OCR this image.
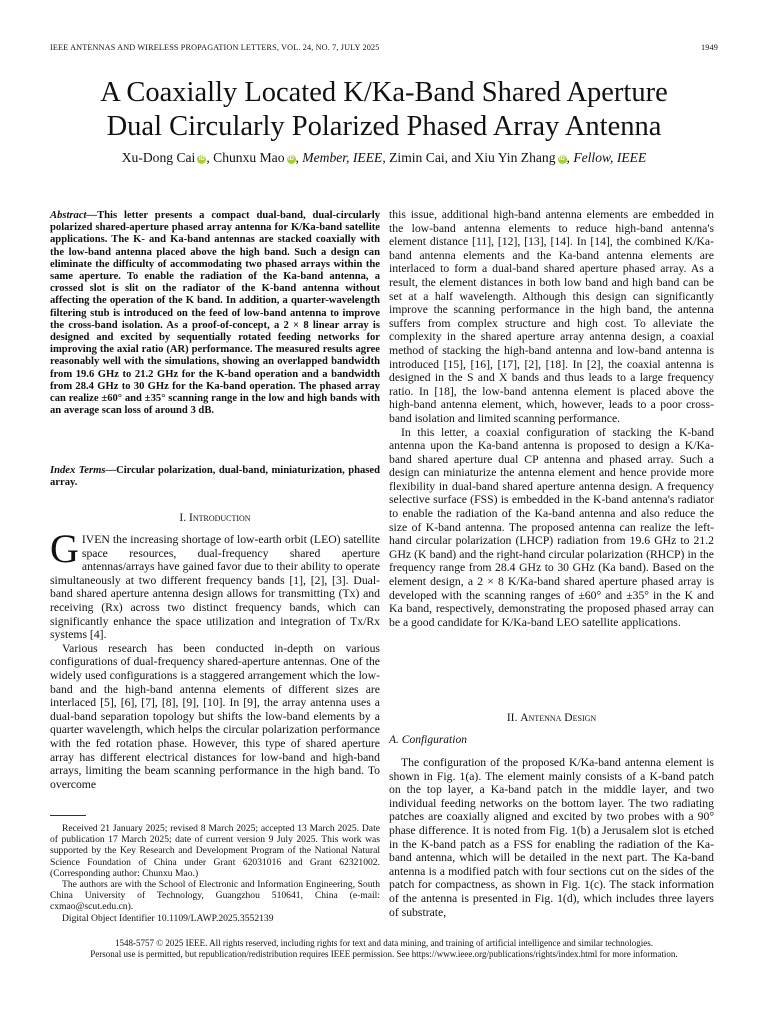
IEEE ANTENNAS AND WIRELESS PROPAGATION LETTERS, VOL. 24, NO. 7, JULY 2025	1949
A Coaxially Located K/Ka-Band Shared Aperture
Dual Circularly Polarized Phased Array Antenna
Xu-Dong Cai iD , Chunxu Mao iD , Member, IEEE, Zimin Cai, and Xiu Yin Zhang iD , Fellow, IEEE
Abstract—This letter presents a compact dual-band, dual-circularly polarized shared-aperture phased array antenna for K/Ka-band satellite applications. The K- and Ka-band antennas are stacked coaxially with the low-band antenna placed above the high band. Such a design can eliminate the difficulty of accommodating two phased arrays within the same aperture. To enable the radiation of the Ka-band antenna, a crossed slot is slit on the radiator of the K-band antenna without affecting the operation of the K band. In addition, a quarter-wavelength filtering stub is introduced on the feed of low-band antenna to improve the cross-band isolation. As a proof-of-concept, a 2 × 8 linear array is designed and excited by sequentially rotated feeding networks for improving the axial ratio (AR) performance. The measured results agree reasonably well with the simulations, showing an overlapped bandwidth from 19.6 GHz to 21.2 GHz for the K-band operation and a bandwidth from 28.4 GHz to 30 GHz for the Ka-band operation. The phased array can realize ±60° and ±35° scanning range in the low and high bands with an average scan loss of around 3 dB.
Index Terms—Circular polarization, dual-band, miniaturization, phased array.
I. Introduction

GIVEN the increasing shortage of low-earth orbit (LEO) satellite space resources, dual-frequency shared aperture antennas/arrays have gained favor due to their ability to operate simultaneously at two different frequency bands [1], [2], [3]. Dual-band shared aperture antenna design allows for transmitting (Tx) and receiving (Rx) across two distinct frequency bands, which can significantly enhance the space utilization and integration of Tx/Rx systems [4].

Various research has been conducted in-depth on various configurations of dual-frequency shared-aperture antennas. One of the widely used configurations is a staggered arrangement which the low-band and the high-band antenna elements of different sizes are interlaced [5], [6], [7], [8], [9], [10]. In [9], the array antenna uses a dual-band separation topology but shifts the low-band elements by a quarter wavelength, which helps the circular polarization performance with the fed rotation phase. However, this type of shared aperture array has different electrical distances for low-band and high-band arrays, limiting the beam scanning performance in the high band. To overcome

Received 21 January 2025; revised 8 March 2025; accepted 13 March 2025. Date of publication 17 March 2025; date of current version 9 July 2025. This work was supported by the Key Research and Development Program of the National Natural Science Foundation of China under Grant 62031016 and Grant 62321002. (Corresponding author: Chunxu Mao.)

The authors are with the School of Electronic and Information Engineering, South China University of Technology, Guangzhou 510641, China (e-mail: cxmao@scut.edu.cn).

Digital Object Identifier 10.1109/LAWP.2025.3552139

this issue, additional high-band antenna elements are embedded in the low-band antenna elements to reduce high-band antenna's element distance [11], [12], [13], [14]. In [14], the combined K/Ka-band antenna elements and the Ka-band antenna elements are interlaced to form a dual-band shared aperture phased array. As a result, the element distances in both low band and high band can be set at a half wavelength. Although this design can significantly improve the scanning performance in the high band, the antenna suffers from complex structure and high cost. To alleviate the complexity in the shared aperture array antenna design, a coaxial method of stacking the high-band antenna and low-band antenna is introduced [15], [16], [17], [2], [18]. In [2], the coaxial antenna is designed in the S and X bands and thus leads to a large frequency ratio. In [18], the low-band antenna element is placed above the high-band antenna element, which, however, leads to a poor cross-band isolation and limited scanning performance.

In this letter, a coaxial configuration of stacking the K-band antenna upon the Ka-band antenna is proposed to design a K/Ka-band shared aperture dual CP antenna and phased array. Such a design can miniaturize the antenna element and hence provide more flexibility in dual-band shared aperture antenna design. A frequency selective surface (FSS) is embedded in the K-band antenna's radiator to enable the radiation of the Ka-band antenna and also reduce the size of K-band antenna. The proposed antenna can realize the left-hand circular polarization (LHCP) radiation from 19.6 GHz to 21.2 GHz (K band) and the right-hand circular polarization (RHCP) in the frequency range from 28.4 GHz to 30 GHz (Ka band). Based on the element design, a 2 × 8 K/Ka-band shared aperture phased array is developed with the scanning ranges of ±60° and ±35° in the K and Ka band, respectively, demonstrating the proposed phased array can be a good candidate for K/Ka-band LEO satellite applications.

II. Antenna Design
A. Configuration

The configuration of the proposed K/Ka-band antenna element is shown in Fig. 1(a). The element mainly consists of a K-band patch on the top layer, a Ka-band patch in the middle layer, and two individual feeding networks on the bottom layer. The two radiating patches are coaxially aligned and excited by two probes with a 90° phase difference. It is noted from Fig. 1(b) a Jerusalem slot is etched in the K-band patch as a FSS for enabling the radiation of the Ka-band antenna, which will be detailed in the next part. The Ka-band antenna is a modified patch with four sections cut on the sides of the patch for compactness, as shown in Fig. 1(c). The stack information of the antenna is presented in Fig. 1(d), which includes three layers of substrate,

1548-5757 © 2025 IEEE. All rights reserved, including rights for text and data mining, and training of artificial intelligence and similar technologies.
Personal use is permitted, but republication/redistribution requires IEEE permission. See https://www.ieee.org/publications/rights/index.html for more information.
